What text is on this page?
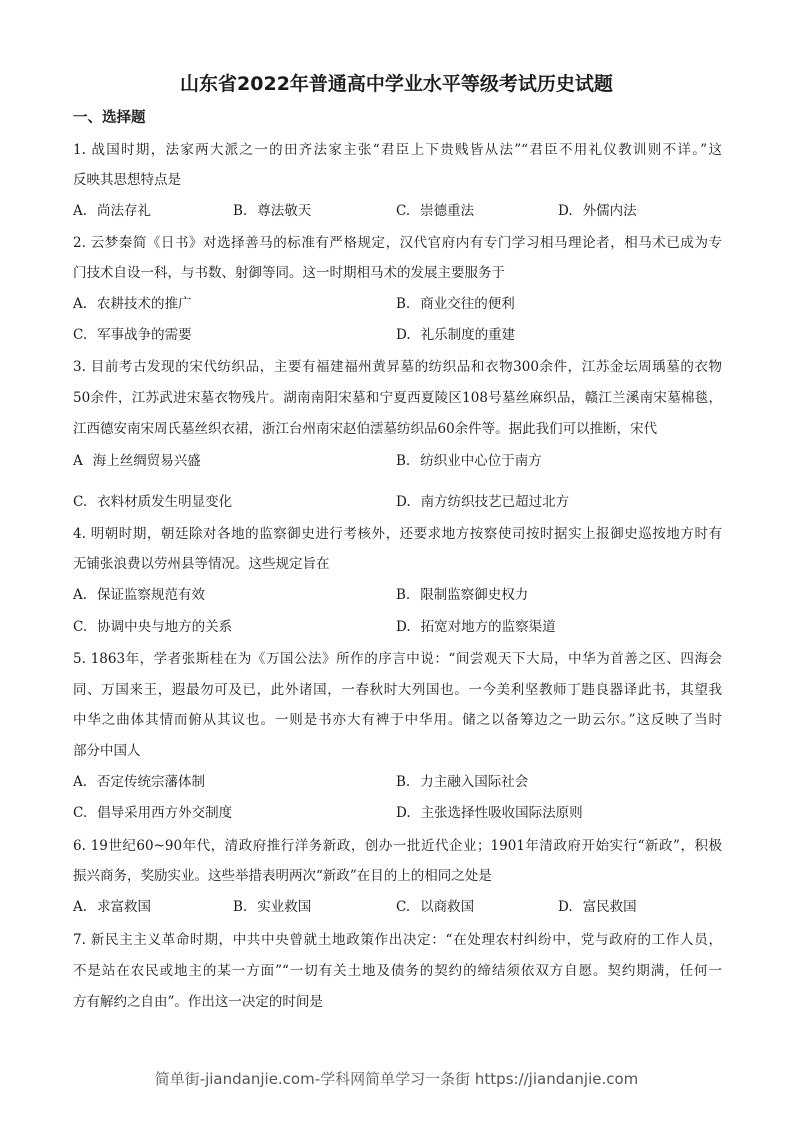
山东省2022年普通高中学业水平等级考试历史试题
一、选择题
1. 战国时期，法家两大派之一的田齐法家主张“君臣上下贵贱皆从法”“君臣不用礼仪教训则不详。”这
反映其思想特点是
A. 尚法存礼	B. 尊法敬天	C. 崇德重法	D. 外儒内法
2. 云梦秦简《日书》对选择善马的标准有严格规定，汉代官府内有专门学习相马理论者，相马术已成为专
门技术自设一科，与书数、射御等同。这一时期相马术的发展主要服务于
A. 农耕技术的推广	B. 商业交往的便利
C. 军事战争的需要	D. 礼乐制度的重建
3. 目前考古发现的宋代纺织品，主要有福建福州黄昇墓的纺织品和衣物300余件，江苏金坛周瑀墓的衣物
50余件，江苏武进宋墓衣物残片。湖南南阳宋墓和宁夏西夏陵区108号墓丝麻织品，赣江兰溪南宋墓棉毯，
江西德安南宋周氏墓丝织衣裙，浙江台州南宋赵伯澐墓纺织品60余件等。据此我们可以推断，宋代
A 海上丝绸贸易兴盛	B. 纺织业中心位于南方
C. 衣料材质发生明显变化	D. 南方纺织技艺已超过北方
4. 明朝时期，朝廷除对各地的监察御史进行考核外，还要求地方按察使司按时据实上报御史巡按地方时有
无铺张浪费以劳州县等情况。这些规定旨在
A. 保证监察规范有效	B. 限制监察御史权力
C. 协调中央与地方的关系	D. 拓宽对地方的监察渠道
5. 1863年，学者张斯桂在为《万国公法》所作的序言中说：“间尝观天下大局，中华为首善之区、四海会
同、万国来王，遐最勿可及已，此外诸国，一春秋时大列国也。一今美利坚教师丁韪良器译此书，其望我
中华之曲体其情而俯从其议也。一则是书亦大有裨于中华用。储之以备筹边之一助云尔。”这反映了当时
部分中国人
A. 否定传统宗藩体制	B. 力主融入国际社会
C. 倡导采用西方外交制度	D. 主张选择性吸收国际法原则
6. 19世纪60~90年代，清政府推行洋务新政，创办一批近代企业；1901年清政府开始实行“新政”，积极
振兴商务，奖励实业。这些举措表明两次“新政”在目的上的相同之处是
A. 求富救国	B. 实业救国	C. 以商救国	D. 富民救国
7. 新民主主义革命时期，中共中央曾就土地政策作出决定：“在处理农村纠纷中，党与政府的工作人员，
不是站在农民或地主的某一方面”“一切有关土地及债务的契约的缔结须依双方自愿。契约期满，任何一
方有解约之自由”。作出这一决定的时间是
简单街-jiandanjie.com-学科网简单学习一条街 https://jiandanjie.com
